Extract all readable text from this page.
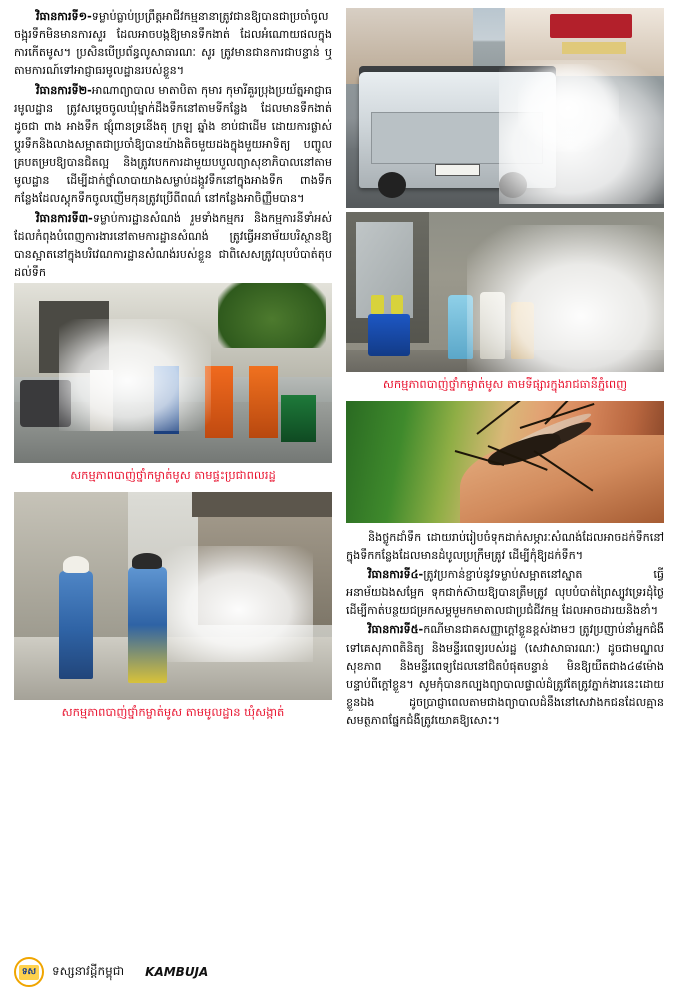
វិធានការទី១-ទម្លាប់ធ្លាប់ប្រព្រឹត្តអាជីវកម្មនានាត្រូវជានឱ្យបានជាប្រចាំចូលចង្អុរទឹកមិនមានការសួរ ដែលអាចបង្កឱ្យមានទឹកងាត់ ដែលអំណោយផលក្នុងការកើតមូស។ ប្រសិនបើប្រព័ន្ធលូសាធារណៈ សូរ ត្រូវមានជានការជាបន្ទាន់ ឬតាមការណ៍ទៅអាជ្ញាធរមូលដ្ឋានរបស់ខ្លួន។

វិធានការទី២-អាណាព្យាបាល មាតាបិតា កុមារ កុមារីគួរប្រុងប្រយ័ត្នអាជ្ញាធរមូលដ្ឋាន ត្រូវសម្តេចចូលឃុំម្នាក់ដឹងទឹកនៅតាមទីកន្លែង ដែលមានទឹកងាត់ ដូចជា ពាង អាងទឹក ផ្សុំពានទ្រនើងតុ ក្រឡ ឆ្នាំង ខាប់ជាដើម ដោយការផ្លាស់ប្តូរទឹកនិងលាងសម្អាតជាប្រចាំឱ្យបានយ៉ាងតិចមួយដងក្នុងមួយអាទិត្យ បញ្ចូលគ្របតម្របឱ្យបានជិតល្អ និងត្រូវបេកការដាមួយបបួលព្យាសុខាភិបាលនៅតាមមូលដ្ឋាន ដើម្បីដាក់ថ្នាំលាបាយាងសម្លាប់ដង្កូវទឹកនៅក្នុងអាងទឹក ពាងទឹក កន្លែងដែលស្តុកទឹកចូលញើមកុនត្រូវប្រើពីពណ៌ នៅកន្លែងអាចិញ្ញឹមបាន។

វិធានការទី៣-ទម្លាប់ការដ្ឋានសំណង់ រួមទាំងកម្មករ និងកម្មការនីទាំអស់ ដែលកំពុងបំពេញការងារនៅតាមការដ្ឋានសំណង់ ត្រូវធ្វើអនាម័យបរិស្ថានឱ្យបានស្អាតនៅក្នុងបរិវេណការដ្ឋានសំណង់របស់ខ្លួន ជាពិសេសត្រូវលុបបំបាត់តុបដល់ទឹក

សកម្មភាពបាញ់ថ្នាំកម្ចាត់មូស តាមផ្ទះប្រជាពលរដ្ឋ
សកម្មភាពបាញ់ថ្នាំកម្ចាត់មូស តាមមូលដ្ឋាន ឃុំសង្កាត់
សកម្មភាពបាញ់ថ្នាំកម្ចាត់មូស តាមទីផ្សារក្នុងរាជធានីភ្នំពេញ

និងថ្លូកដាំទឹក ដោយរាប់រៀបចំទុកដាក់សម្ភារៈសំណង់ដែលអាចដក់ទឹកនៅ ក្នុងទឹកកន្លែងដែលមានដំបូលប្រក្រឹមត្រូវ ដើម្បីកុំឱ្យដក់ទឹក។

វិធានការទី៤-ត្រូវប្រកាន់ខ្ជាប់នូវទម្លាប់សម្អាតនៅស្នាត ធ្វើអនាម័យឯងសម្អែក ទុកជាក់ស៊ាយឱ្យបានត្រឹមត្រូវ លុបបំបាត់ព្រៃស្បូវទ្រេរដុំថ្ងៃ ដើម្បីកាត់បន្ថយជម្រកសម្គមួមកមាតាលជាប្រជំជីវកម្ម ដែលអាចដារយនិងខាំ។

វិធានការទី៥-កណីមានជាគសញ្ញាក្តៅខ្លួនខ្ពស់ងាមៗ ត្រូវប្រញាប់នាំអ្នកជំងឺទៅគេសុភាពតិនិត្យ និងមន្ទីរពេទ្យរបស់រដ្ឋ (សេវាសាធារណៈ) ដូចជាមណ្ឌលសុខភាព និងមន្ទីរពេទ្យដែលនៅជិតបំផុតបន្ទាន់ មិនឱ្យយឺតជាង៤៨ម៉ោង បន្ទាប់ពីក្តៅខ្លួន។ សូមកុំបានកល្បងព្យាបាលផ្ទាល់ដំត្រូវតែត្រូវភ្នាក់ងារនេះដោយខ្លួនឯង ដូចប្រាជ្ញាពេលតាមជាងព្យាបាលដំនឹងនៅសេវាងកជនដែលគ្មានសមត្ថភាពផ្នែកជំងឺត្រូវយោគឱ្យសោះ។

ទស ទស្សនាវដ្តីកម្ពុជា KAMBUJA
